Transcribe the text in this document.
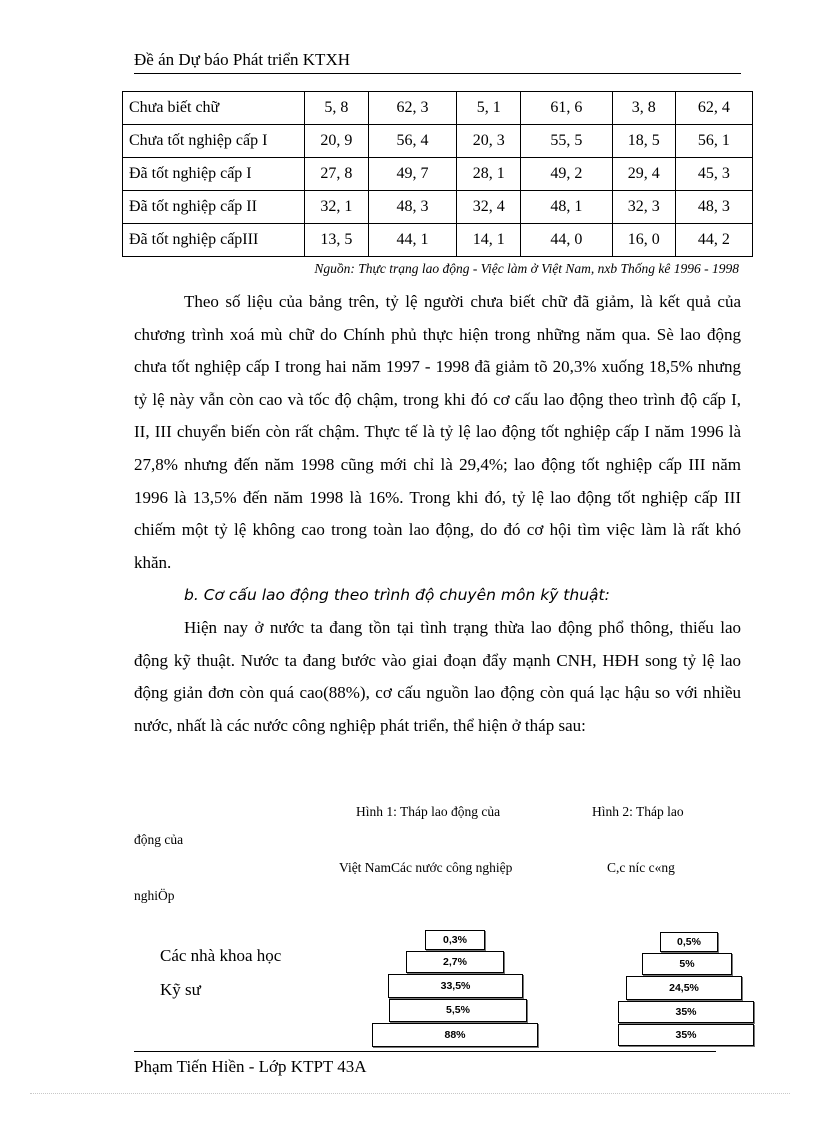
Đề án Dự báo Phát triển KTXH
Chưa biết chữ	5, 8	62, 3	5, 1	61, 6	3, 8	62, 4
Chưa tốt nghiệp cấp I	20, 9	56, 4	20, 3	55, 5	18, 5	56, 1
Đã tốt nghiệp cấp I	27, 8	49, 7	28, 1	49, 2	29, 4	45, 3
Đã tốt nghiệp cấp II	32, 1	48, 3	32, 4	48, 1	32, 3	48, 3
Đã tốt nghiệp cấpIII	13, 5	44, 1	14, 1	44, 0	16, 0	44, 2
Nguồn: Thực trạng lao động - Việc làm ở Việt Nam, nxb Thống kê 1996 - 1998

Theo số liệu của bảng trên, tỷ lệ người chưa biết chữ đã giảm, là kết quả của chương trình xoá mù chữ do Chính phủ thực hiện trong những năm qua. Sè lao động chưa tốt nghiệp cấp I trong hai năm 1997 - 1998 đã giảm tõ 20,3% xuống 18,5% nhưng tỷ lệ này vẫn còn cao và tốc độ chậm, trong khi đó cơ cấu lao động theo trình độ cấp I, II, III chuyển biến còn rất chậm. Thực tế là tỷ lệ lao động tốt nghiệp cấp I năm 1996 là 27,8% nhưng đến năm 1998 cũng mới chỉ là 29,4%; lao động tốt nghiệp cấp III năm 1996 là 13,5% đến năm 1998 là 16%. Trong khi đó, tỷ lệ lao động tốt nghiệp cấp III chiếm một tỷ lệ không cao trong toàn lao động, do đó cơ hội tìm việc làm là rất khó khăn.

b. Cơ cấu lao động theo trình độ chuyên môn kỹ thuật:

Hiện nay ở nước ta đang tồn tại tình trạng thừa lao động phổ thông, thiếu lao động kỹ thuật. Nước ta đang bước vào giai đoạn đẩy mạnh CNH, HĐH song tỷ lệ lao động giản đơn còn quá cao(88%), cơ cấu nguồn lao động còn quá lạc hậu so với nhiều nước, nhất là các nước công nghiệp phát triển, thể hiện ở tháp sau:

Hình 1: Tháp lao động của	Hình 2: Tháp lao
động của
Việt NamCác nước công nghiệp	C,c níc c«ng
nghiÖp
Các nhà khoa học
Kỹ sư
0,3%
2,7%
33,5%
5,5%
88%
0,5%
5%
24,5%
35%
35%
Phạm Tiến Hiền - Lớp KTPT 43A
